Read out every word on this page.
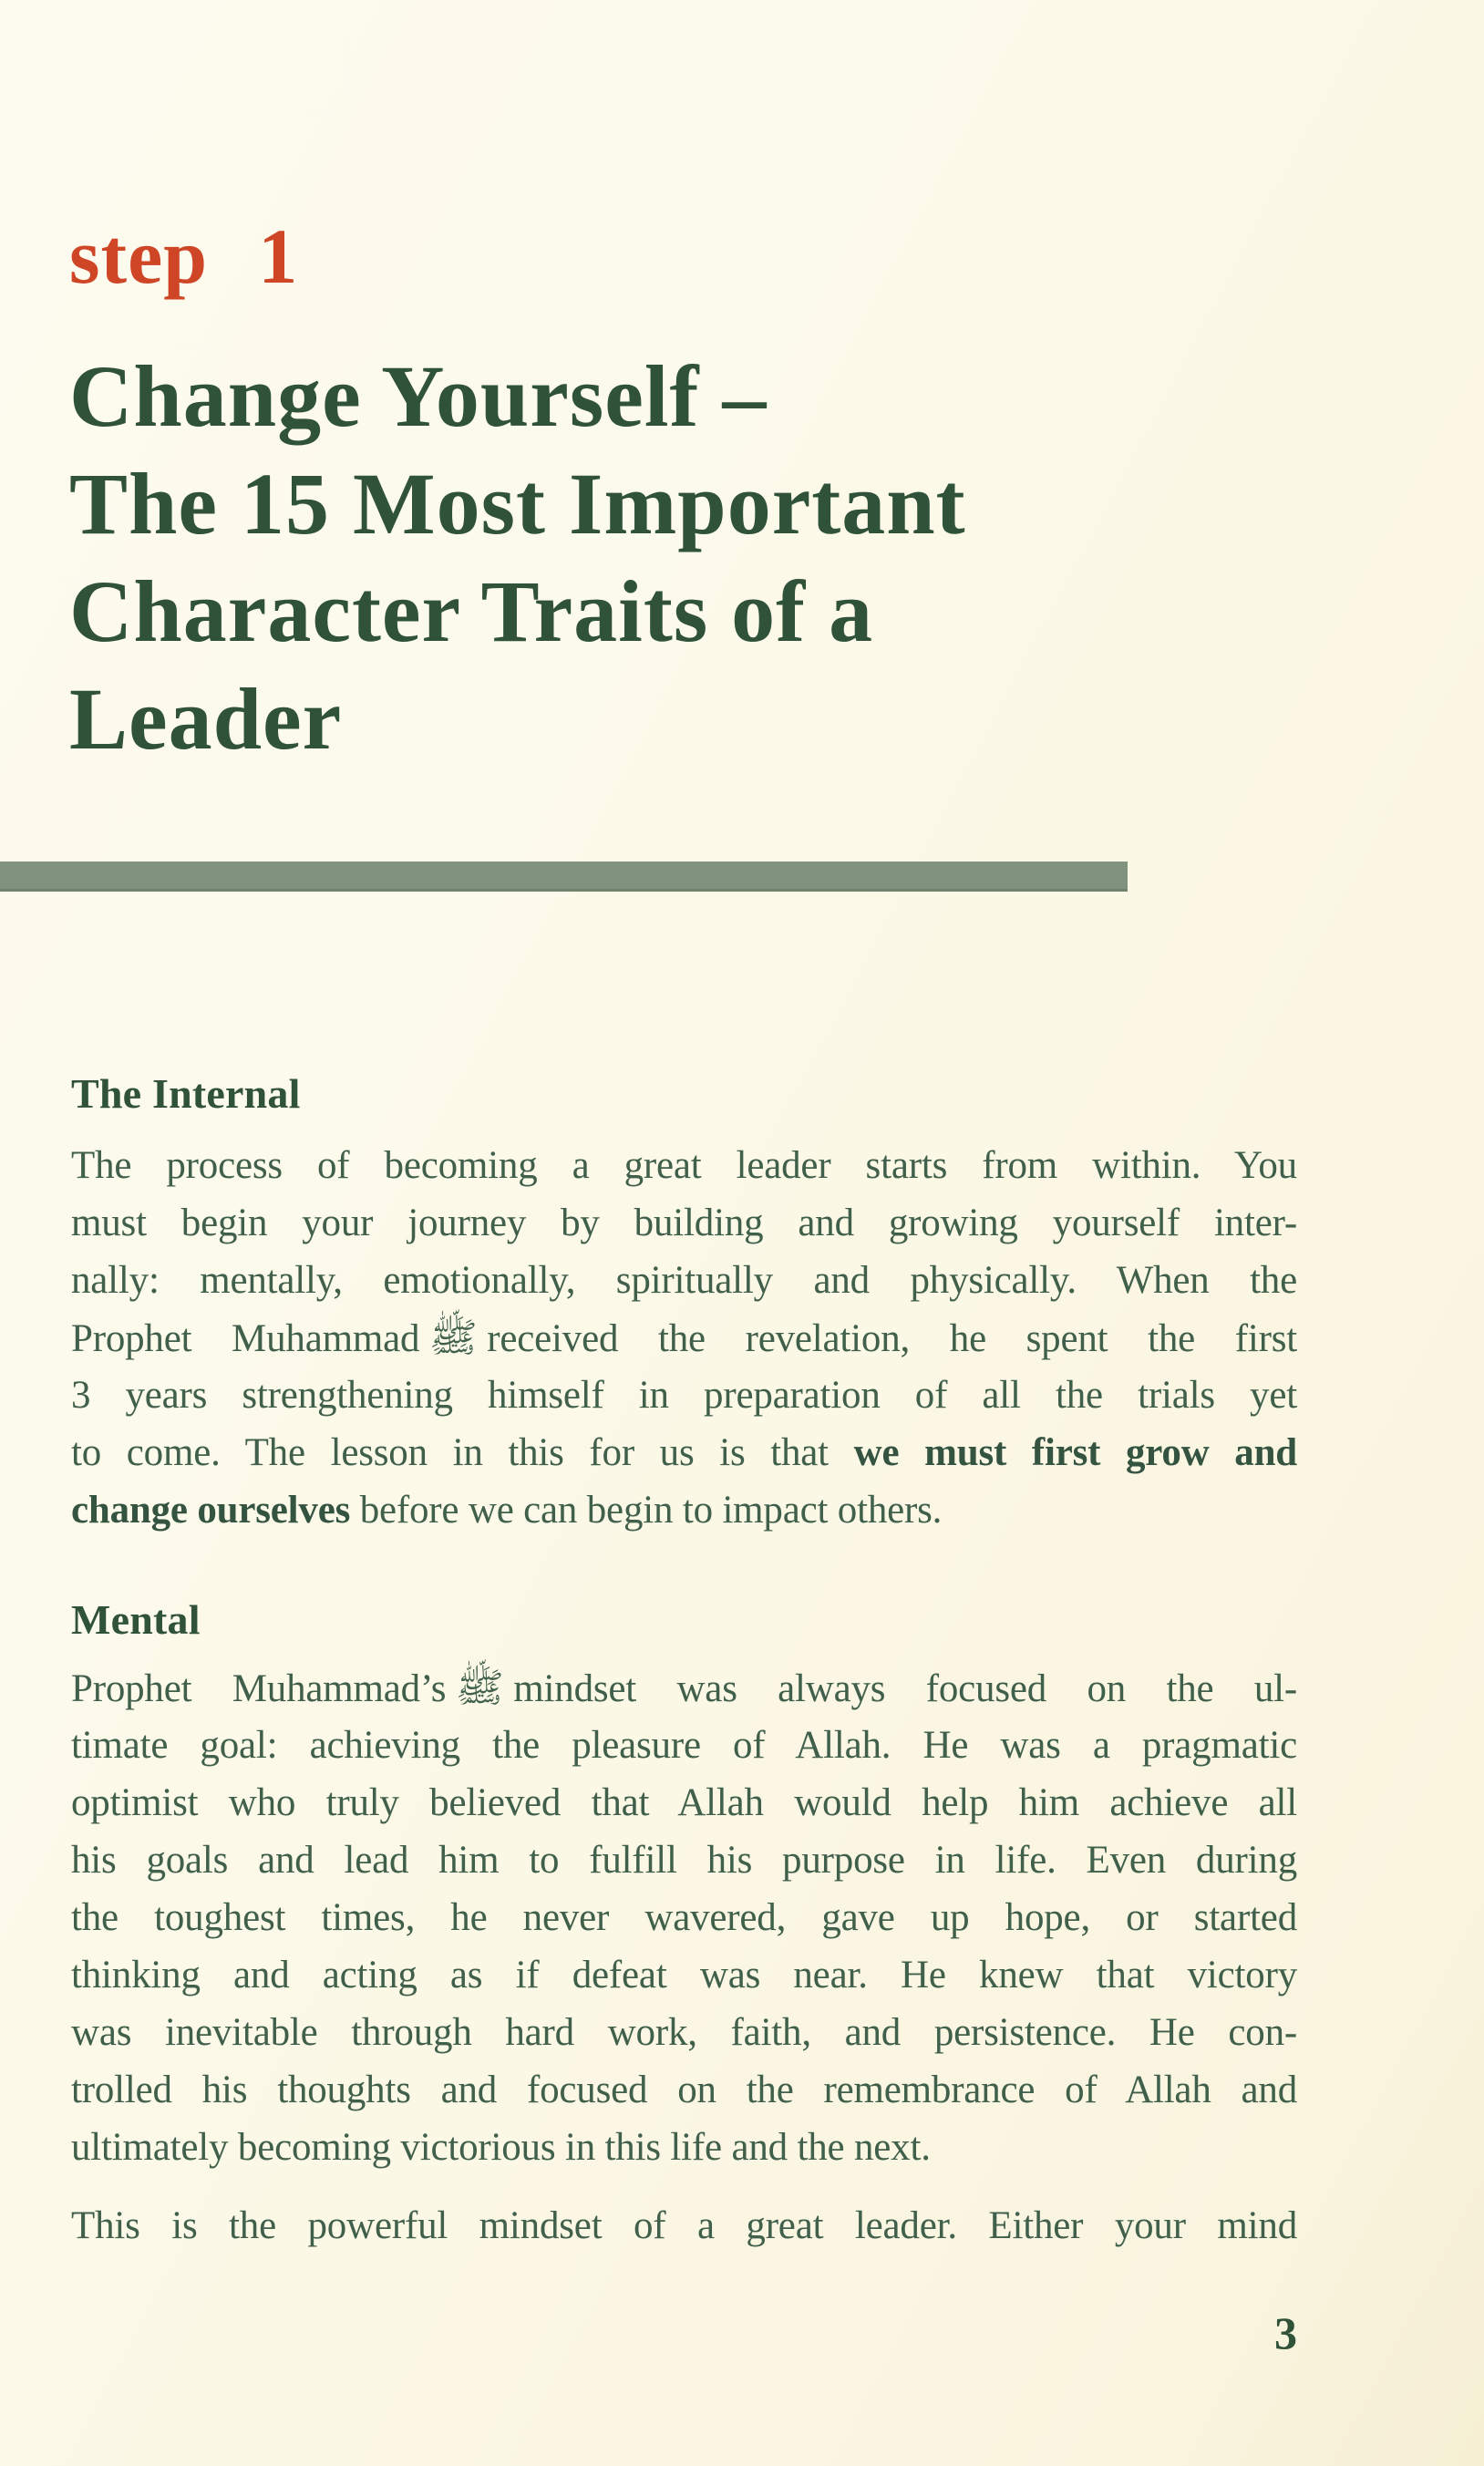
step 1
Change Yourself –
The 15 Most Important
Character Traits of a
Leader
The Internal
The process of becoming a great leader starts from within. You
must begin your journey by building and growing yourself inter-
nally: mentally, emotionally, spiritually and physically. When the
Prophet Muhammad ﷺ received the revelation, he spent the first
3 years strengthening himself in preparation of all the trials yet
to come. The lesson in this for us is that we must first grow and
change ourselves before we can begin to impact others.
Mental
Prophet Muhammad’s ﷺ mindset was always focused on the ul-
timate goal: achieving the pleasure of Allah. He was a pragmatic
optimist who truly believed that Allah would help him achieve all
his goals and lead him to fulfill his purpose in life. Even during
the toughest times, he never wavered, gave up hope, or started
thinking and acting as if defeat was near. He knew that victory
was inevitable through hard work, faith, and persistence. He con-
trolled his thoughts and focused on the remembrance of Allah and
ultimately becoming victorious in this life and the next.
This is the powerful mindset of a great leader. Either your mind
3
